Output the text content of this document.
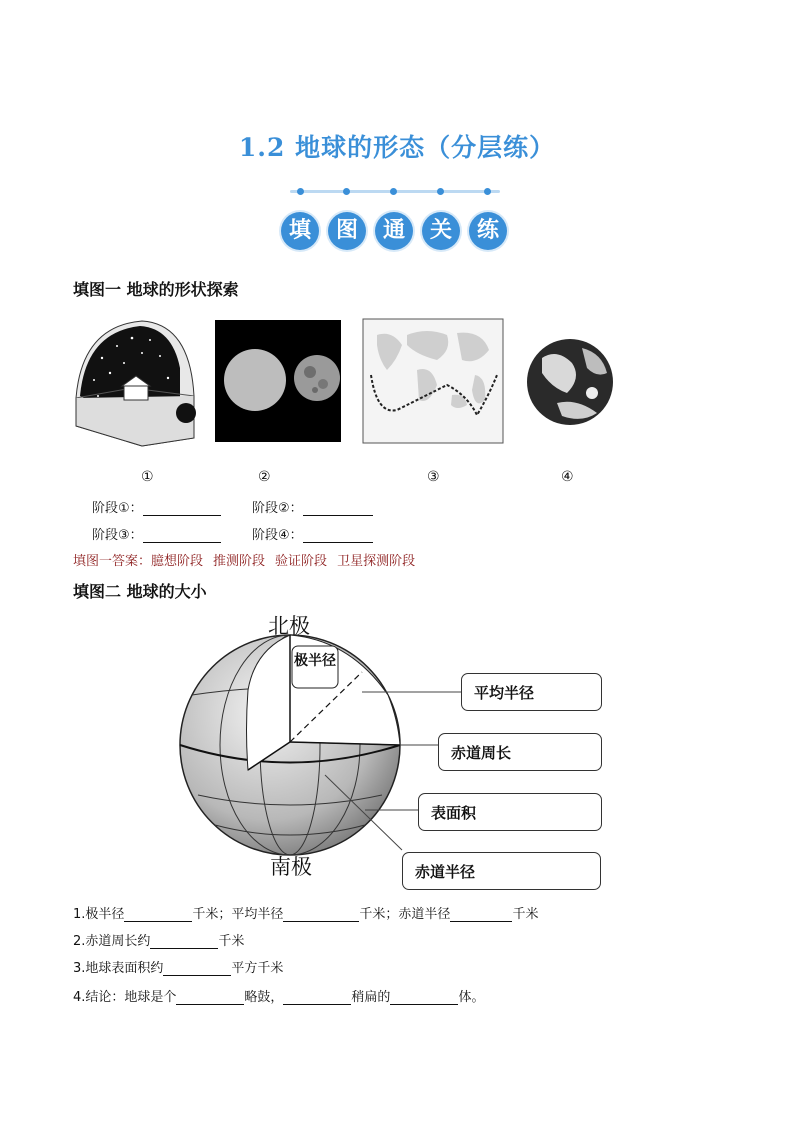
1.2 地球的形态（分层练）
填	图	通	关	练
填图一 地球的形状探索
①	②	③	④
阶段①：	阶段②：
阶段③：	阶段④：
填图一答案：臆想阶段 推测阶段 验证阶段 卫星探测阶段
填图二 地球的大小
北极
南极
极半径
平均半径
赤道周长
表面积
赤道半径
1.极半径	千米；平均半径	千米；赤道半径	千米
2.赤道周长约	千米
3.地球表面积约	平方千米
4.结论：地球是个	略鼓，	稍扁的	体。
